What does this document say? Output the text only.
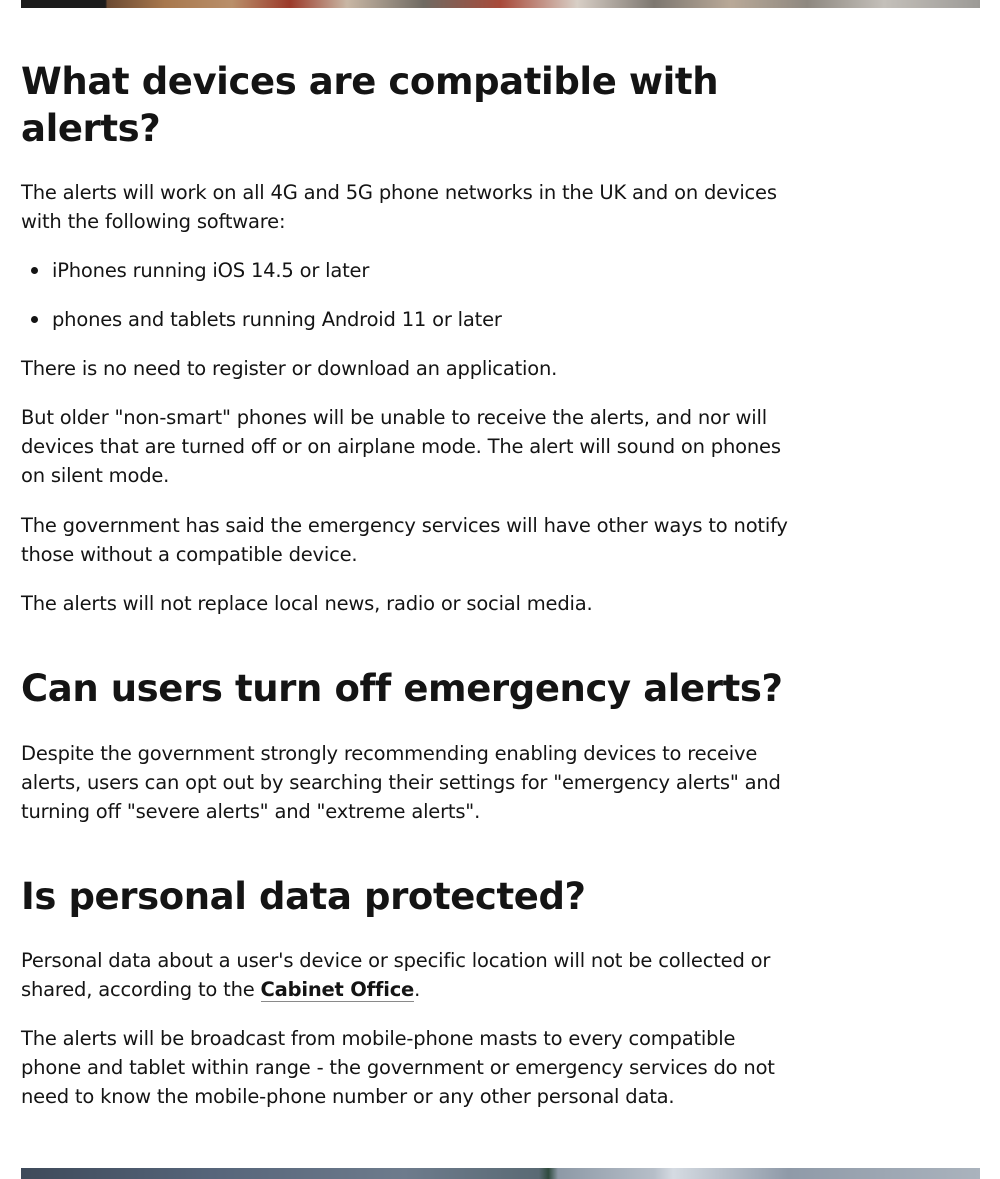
What devices are compatible with alerts?

The alerts will work on all 4G and 5G phone networks in the UK and on devices with the following software:

iPhones running iOS 14.5 or later
phones and tablets running Android 11 or later

There is no need to register or download an application.

But older "non-smart" phones will be unable to receive the alerts, and nor will devices that are turned off or on airplane mode. The alert will sound on phones on silent mode.

The government has said the emergency services will have other ways to notify those without a compatible device.

The alerts will not replace local news, radio or social media.

Can users turn off emergency alerts?

Despite the government strongly recommending enabling devices to receive alerts, users can opt out by searching their settings for "emergency alerts" and turning off "severe alerts" and "extreme alerts".

Is personal data protected?

Personal data about a user's device or specific location will not be collected or shared, according to the Cabinet Office.

The alerts will be broadcast from mobile-phone masts to every compatible phone and tablet within range - the government or emergency services do not need to know the mobile-phone number or any other personal data.
